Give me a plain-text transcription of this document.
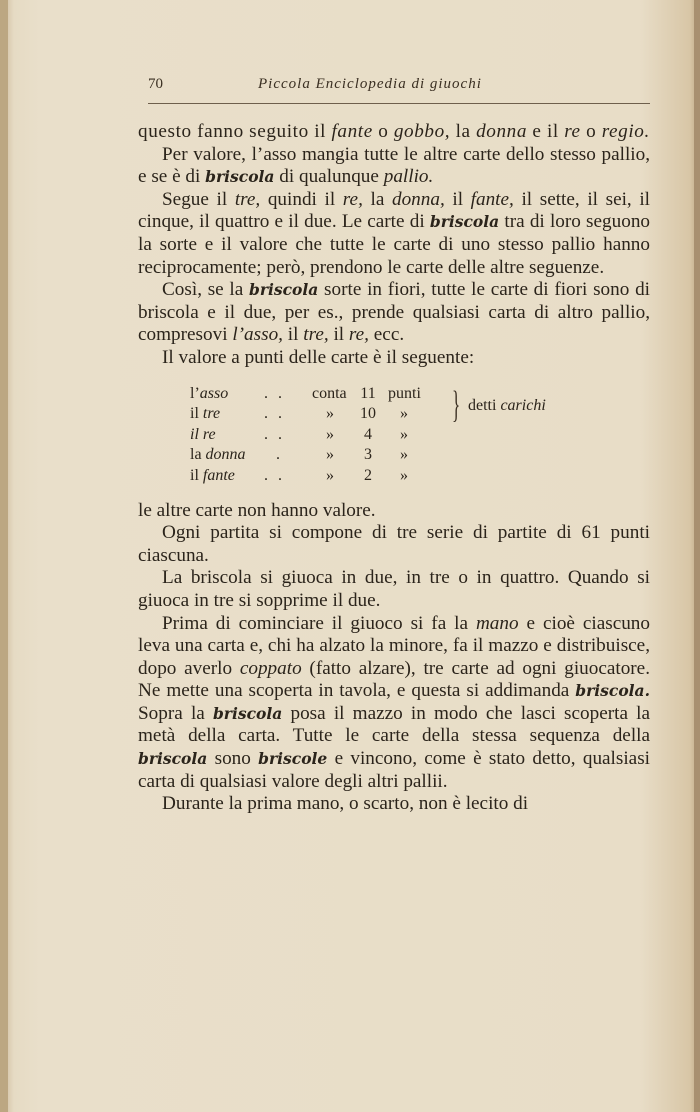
70	Piccola Enciclopedia di giuochi

questo fanno seguito il fante o gobbo, la donna e il re o regio.

Per valore, l’asso mangia tutte le altre carte dello stesso pallio, e se è di briscola di qualunque pallio.

Segue il tre, quindi il re, la donna, il fante, il sette, il sei, il cinque, il quattro e il due. Le carte di briscola tra di loro seguono la sorte e il valore che tutte le carte di uno stesso pallio hanno reciprocamente; però, prendono le carte delle altre seguenze.

Così, se la briscola sorte in fiori, tutte le carte di fiori sono di briscola e il due, per es., prende qualsiasi carta di altro pallio, compresovi l’asso, il tre, il re, ecc.

Il valore a punti delle carte è il seguente:

l’asso . . conta 11 punti
il tre	. .	» 10 »
il re	. .	»	4	»
la donna .	»	3	»
il fante . .	»	2	»
} detti carichi

le altre carte non hanno valore.

Ogni partita si compone di tre serie di partite di 61 punti ciascuna.

La briscola si giuoca in due, in tre o in quattro. Quando si giuoca in tre si sopprime il due.

Prima di cominciare il giuoco si fa la mano e cioè ciascuno leva una carta e, chi ha alzato la minore, fa il mazzo e distribuisce, dopo averlo coppato (fatto alzare), tre carte ad ogni giuocatore. Ne mette una scoperta in tavola, e questa si addimanda briscola. Sopra la briscola posa il mazzo in modo che lasci scoperta la metà della carta. Tutte le carte della stessa sequenza della briscola sono briscole e vincono, come è stato detto, qualsiasi carta di qualsiasi valore degli altri pallii.

Durante la prima mano, o scarto, non è lecito di
